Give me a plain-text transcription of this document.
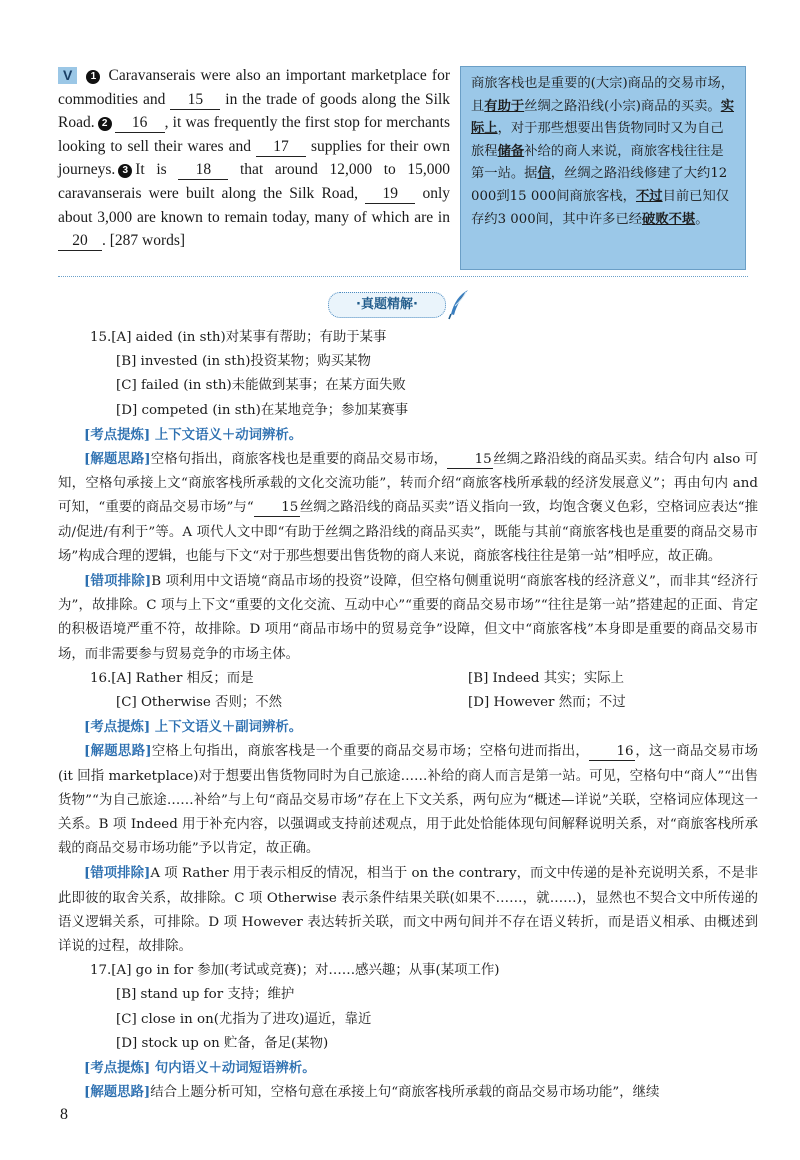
V 1 Caravanserais were also an important marketplace for commodities and 15 in the trade of goods along the Silk Road. 2 16 , it was frequently the first stop for merchants looking to sell their wares and 17 supplies for their own journeys. 3 It is 18 that around 12,000 to 15,000 caravanserais were built along the Silk Road, 19 only about 3,000 are known to remain today, many of which are in 20 . [287 words]
商旅客栈也是重要的(大宗)商品的交易市场，且有助于丝绸之路沿线(小宗)商品的买卖。实际上，对于那些想要出售货物同时又为自己旅程储备补给的商人来说，商旅客栈往往是第一站。据信，丝绸之路沿线修建了大约12 000到15 000间商旅客栈，不过目前已知仅存约3 000间，其中许多已经破败不堪。
·真题精解·

15.[A] aided (in sth)对某事有帮助；有助于某事

[B] invested (in sth)投资某物；购买某物

[C] failed (in sth)未能做到某事；在某方面失败

[D] competed (in sth)在某地竞争；参加某赛事

[考点提炼] 上下文语义＋动词辨析。

[解题思路]空格句指出，商旅客栈也是重要的商品交易市场， 15丝绸之路沿线的商品买卖。结合句内 also 可知，空格句承接上文“商旅客栈所承载的文化交流功能”，转而介绍“商旅客栈所承载的经济发展意义”；再由句内 and 可知，“重要的商品交易市场”与“ 15丝绸之路沿线的商品买卖”语义指向一致，均饱含褒义色彩，空格词应表达“推动/促进/有利于”等。A 项代人文中即“有助于丝绸之路沿线的商品买卖”，既能与其前“商旅客栈也是重要的商品交易市场”构成合理的逻辑，也能与下文“对于那些想要出售货物的商人来说，商旅客栈往往是第一站”相呼应，故正确。

[错项排除]B 项利用中文语境“商品市场的投资”设障，但空格句侧重说明“商旅客栈的经济意义”，而非其“经济行为”，故排除。C 项与上下文“重要的文化交流、互动中心”“重要的商品交易市场”“往往是第一站”搭建起的正面、肯定的积极语境严重不符，故排除。D 项用“商品市场中的贸易竞争”设障，但文中“商旅客栈”本身即是重要的商品交易市场，而非需要参与贸易竞争的市场主体。

16.[A] Rather 相反；而是	[B] Indeed 其实；实际上
[C] Otherwise 否则；不然	[D] However 然而；不过

[考点提炼] 上下文语义＋副词辨析。

[解题思路]空格上句指出，商旅客栈是一个重要的商品交易市场；空格句进而指出， 16，这一商品交易市场(it 回指 marketplace)对于想要出售货物同时为自己旅途……补给的商人而言是第一站。可见，空格句中“商人”“出售货物”“为自己旅途……补给”与上句“商品交易市场”存在上下文关系，两句应为“概述—详说”关联，空格词应体现这一关系。B 项 Indeed 用于补充内容，以强调或支持前述观点，用于此处恰能体现句间解释说明关系，对“商旅客栈所承载的商品交易市场功能”予以肯定，故正确。

[错项排除]A 项 Rather 用于表示相反的情况，相当于 on the contrary，而文中传递的是补充说明关系，不是非此即彼的取舍关系，故排除。C 项 Otherwise 表示条件结果关联(如果不……，就……)，显然也不契合文中所传递的语义逻辑关系，可排除。D 项 However 表达转折关联，而文中两句间并不存在语义转折，而是语义相承、由概述到详说的过程，故排除。

17.[A] go in for 参加(考试或竞赛)；对……感兴趣；从事(某项工作)

[B] stand up for 支持；维护

[C] close in on(尤指为了进攻)逼近，靠近

[D] stock up on 贮备，备足(某物)

[考点提炼] 句内语义＋动词短语辨析。

[解题思路]结合上题分析可知，空格句意在承接上句“商旅客栈所承载的商品交易市场功能”，继续

8
